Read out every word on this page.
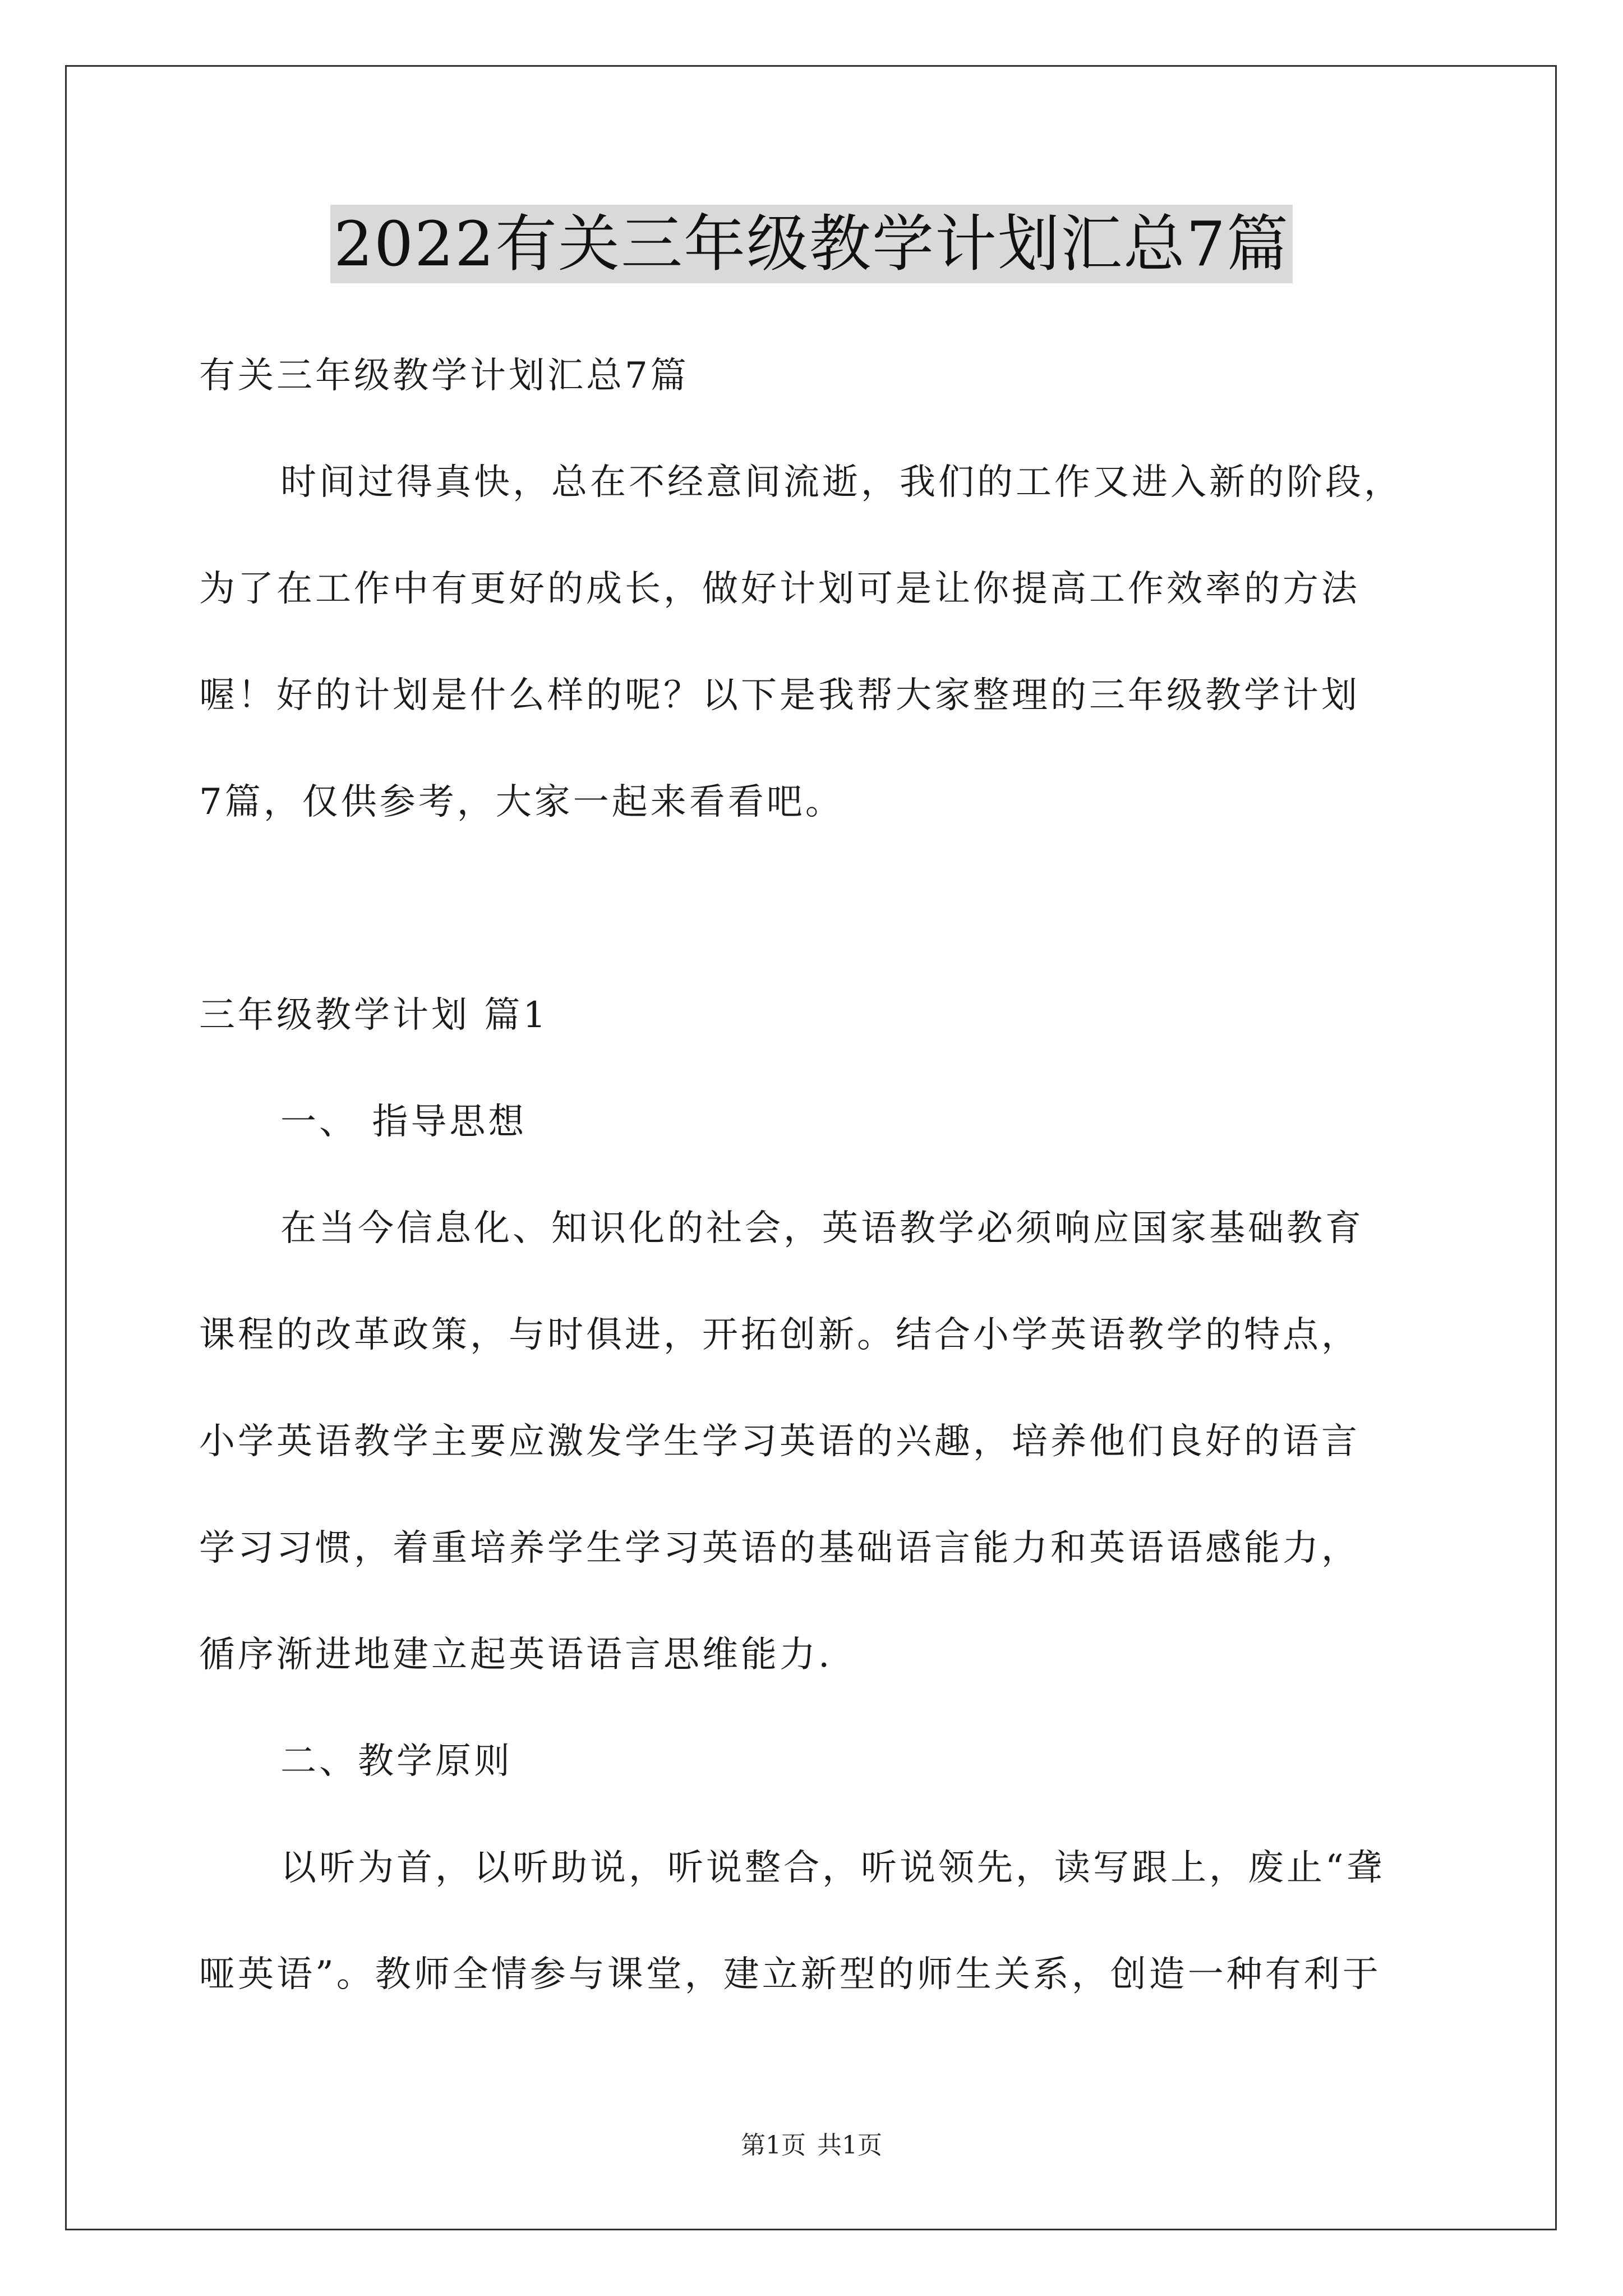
2022有关三年级教学计划汇总7篇
有关三年级教学计划汇总7篇
时间过得真快，总在不经意间流逝，我们的工作又进入新的阶段，
为了在工作中有更好的成长，做好计划可是让你提高工作效率的方法
喔！好的计划是什么样的呢？以下是我帮大家整理的三年级教学计划
7篇，仅供参考，大家一起来看看吧。
三年级教学计划 篇1
一、 指导思想
在当今信息化、知识化的社会，英语教学必须响应国家基础教育
课程的改革政策，与时俱进，开拓创新。结合小学英语教学的特点，
小学英语教学主要应激发学生学习英语的兴趣，培养他们良好的语言
学习习惯，着重培养学生学习英语的基础语言能力和英语语感能力，
循序渐进地建立起英语语言思维能力.
二、教学原则
以听为首，以听助说，听说整合，听说领先，读写跟上，废止“聋
哑英语”。教师全情参与课堂，建立新型的师生关系，创造一种有利于
第1页 共1页
